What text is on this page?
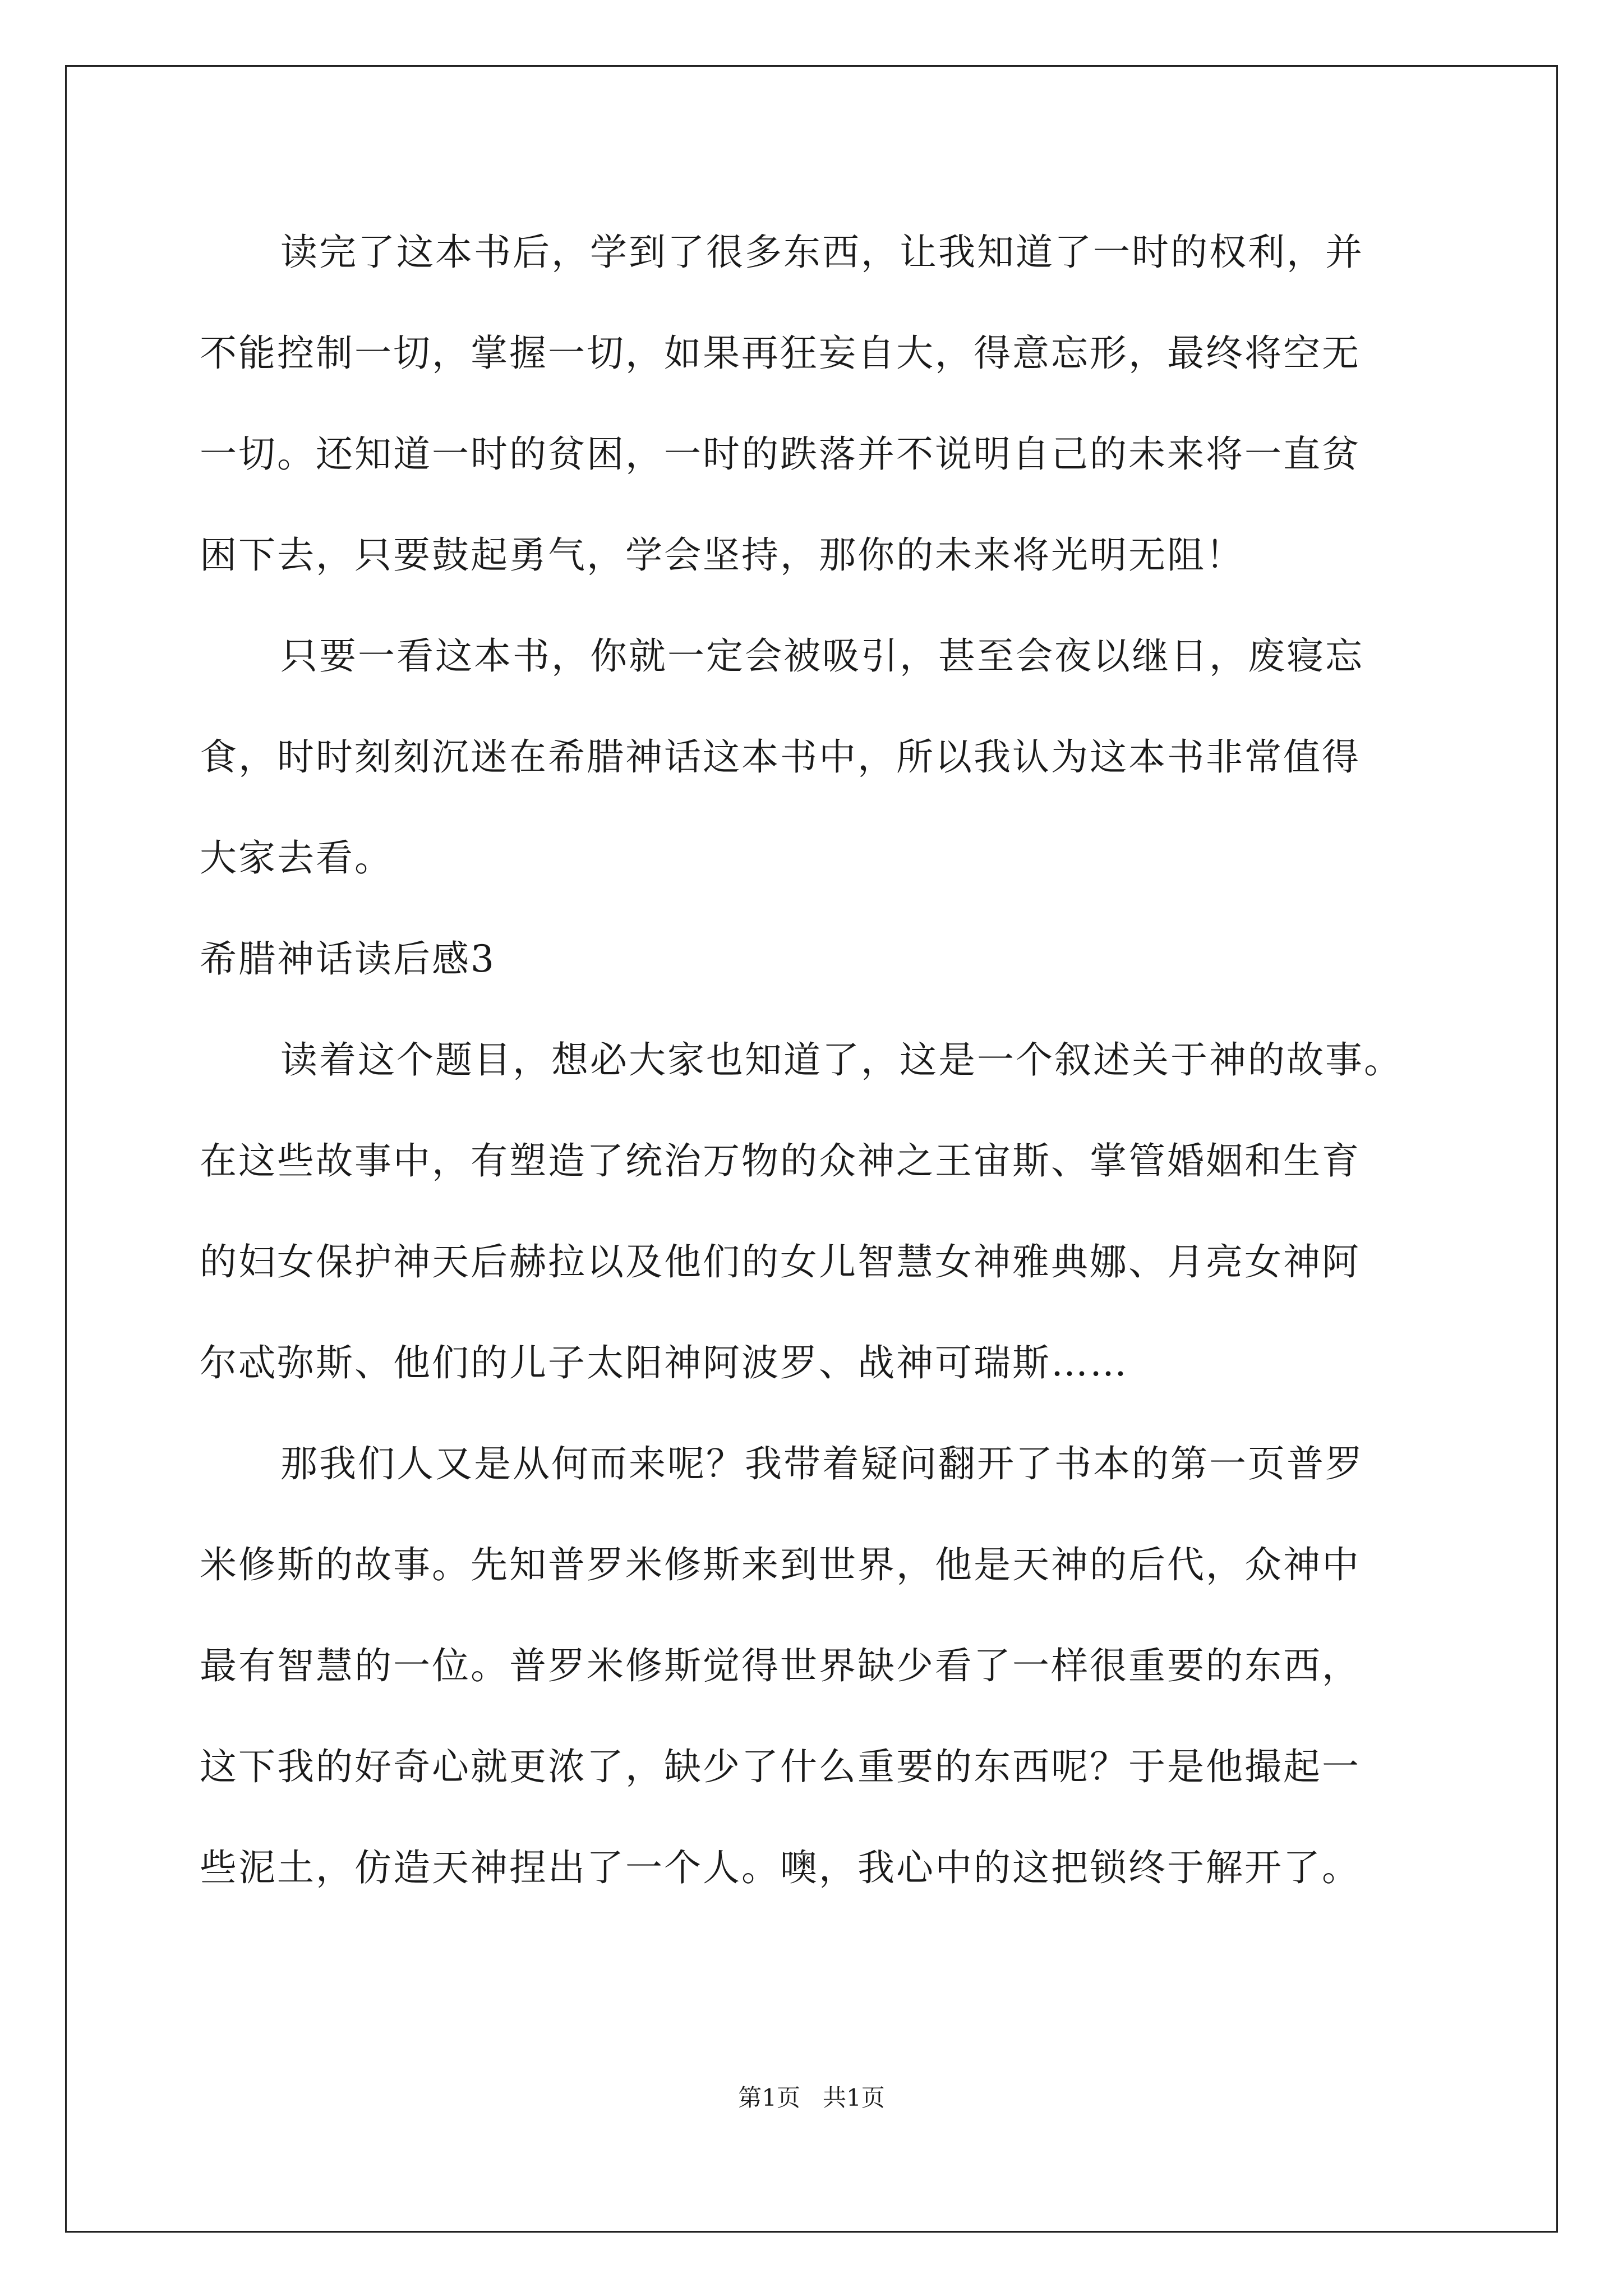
读完了这本书后，学到了很多东西，让我知道了一时的权利，并
不能控制一切，掌握一切，如果再狂妄自大，得意忘形，最终将空无
一切。还知道一时的贫困，一时的跌落并不说明自己的未来将一直贫
困下去，只要鼓起勇气，学会坚持，那你的未来将光明无阻！
只要一看这本书，你就一定会被吸引，甚至会夜以继日，废寝忘
食，时时刻刻沉迷在希腊神话这本书中，所以我认为这本书非常值得
大家去看。
希腊神话读后感3
读着这个题目，想必大家也知道了，这是一个叙述关于神的故事。
在这些故事中，有塑造了统治万物的众神之王宙斯、掌管婚姻和生育
的妇女保护神天后赫拉以及他们的女儿智慧女神雅典娜、月亮女神阿
尔忒弥斯、他们的儿子太阳神阿波罗、战神可瑞斯……
那我们人又是从何而来呢？我带着疑问翻开了书本的第一页普罗
米修斯的故事。先知普罗米修斯来到世界，他是天神的后代，众神中
最有智慧的一位。普罗米修斯觉得世界缺少看了一样很重要的东西，
这下我的好奇心就更浓了，缺少了什么重要的东西呢？于是他撮起一
些泥土，仿造天神捏出了一个人。噢，我心中的这把锁终于解开了。
第1页   共1页
